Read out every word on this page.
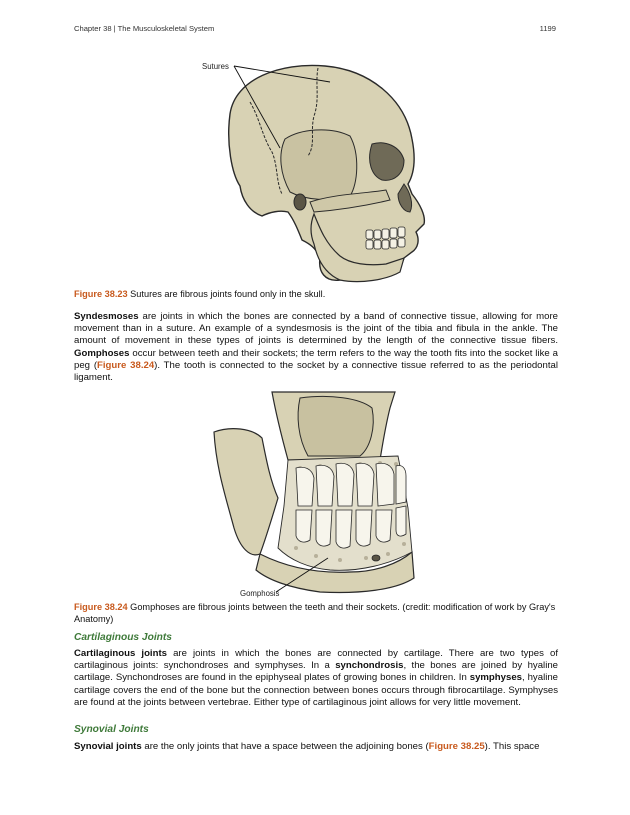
Chapter 38 | The Musculoskeletal System	1199
Sutures
Figure 38.23 Sutures are fibrous joints found only in the skull.

Syndesmoses are joints in which the bones are connected by a band of connective tissue, allowing for more movement than in a suture. An example of a syndesmosis is the joint of the tibia and fibula in the ankle. The amount of movement in these types of joints is determined by the length of the connective tissue fibers. Gomphoses occur between teeth and their sockets; the term refers to the way the tooth fits into the socket like a peg (Figure 38.24). The tooth is connected to the socket by a connective tissue referred to as the periodontal ligament.

Gomphosis
Figure 38.24 Gomphoses are fibrous joints between the teeth and their sockets. (credit: modification of work by Gray's Anatomy)
Cartilaginous Joints

Cartilaginous joints are joints in which the bones are connected by cartilage. There are two types of cartilaginous joints: synchondroses and symphyses. In a synchondrosis, the bones are joined by hyaline cartilage. Synchondroses are found in the epiphyseal plates of growing bones in children. In symphyses, hyaline cartilage covers the end of the bone but the connection between bones occurs through fibrocartilage. Symphyses are found at the joints between vertebrae. Either type of cartilaginous joint allows for very little movement.

Synovial Joints

Synovial joints are the only joints that have a space between the adjoining bones (Figure 38.25). This space
